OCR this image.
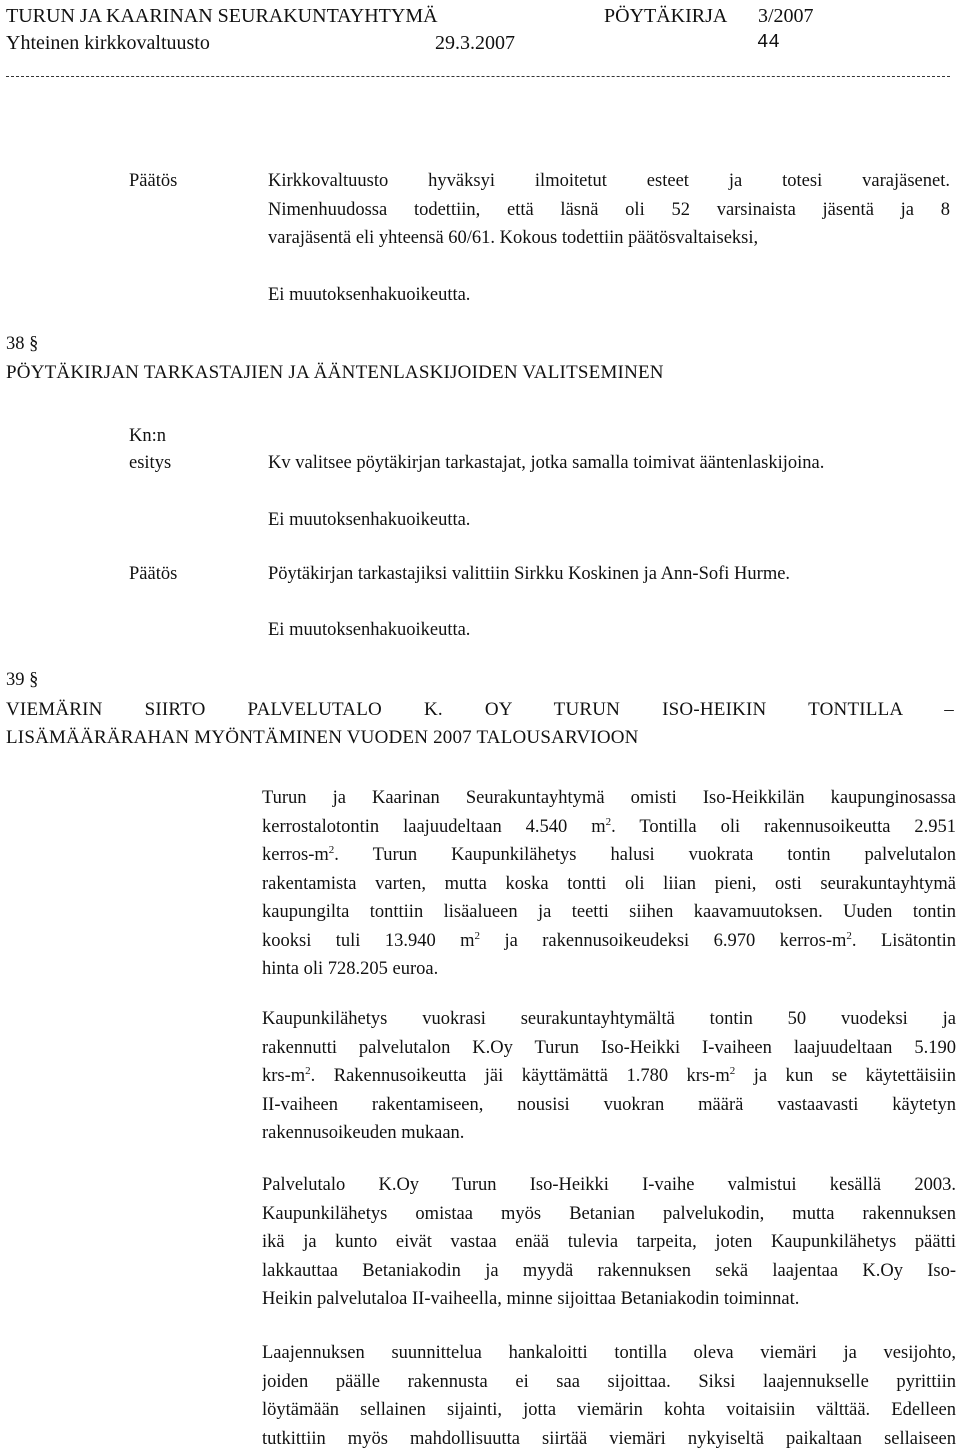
TURUN JA KAARINAN SEURAKUNTAYHTYMÄ	PÖYTÄKIRJA 3/2007
Yhteinen kirkkovaltuusto	29.3.2007	44
Päätös	Kirkkovaltuusto hyväksyi ilmoitetut esteet ja totesi varajäsenet.
Nimenhuudossa todettiin, että läsnä oli 52 varsinaista jäsentä ja 8
varajäsentä eli yhteensä 60/61. Kokous todettiin päätösvaltaiseksi,
Ei muutoksenhakuoikeutta.
38 §
PÖYTÄKIRJAN TARKASTAJIEN JA ÄÄNTENLASKIJOIDEN VALITSEMINEN
Kn:n
esitys	Kv valitsee pöytäkirjan tarkastajat, jotka samalla toimivat ääntenlaskijoina.
Ei muutoksenhakuoikeutta.
Päätös	Pöytäkirjan tarkastajiksi valittiin Sirkku Koskinen ja Ann-Sofi Hurme.
Ei muutoksenhakuoikeutta.
39 §
VIEMÄRIN SIIRTO PALVELUTALO K. OY TURUN ISO-HEIKIN TONTILLA –
LISÄMÄÄRÄRAHAN MYÖNTÄMINEN VUODEN 2007 TALOUSARVIOON
Turun ja Kaarinan Seurakuntayhtymä omisti Iso-Heikkilän kaupunginosassa
kerrostalotontin laajuudeltaan 4.540 $m^2$. Tontilla oli rakennusoikeutta 2.951
kerros-$m^2$. Turun Kaupunkilähetys halusi vuokrata tontin palvelutalon
rakentamista varten, mutta koska tontti oli liian pieni, osti seurakuntayhtymä
kaupungilta tonttiin lisäalueen ja teetti siihen kaavamuutoksen. Uuden tontin
kooksi tuli 13.940 $m^2$ ja rakennusoikeudeksi 6.970 kerros-$m^2$. Lisätontin
hinta oli 728.205 euroa.
Kaupunkilähetys vuokrasi seurakuntayhtymältä tontin 50 vuodeksi ja
rakennutti palvelutalon K.Oy Turun Iso-Heikki I-vaiheen laajuudeltaan 5.190
krs-$m^2$. Rakennusoikeutta jäi käyttämättä 1.780 krs-$m^2$ ja kun se käytettäisiin
II-vaiheen rakentamiseen, nousisi vuokran määrä vastaavasti käytetyn
rakennusoikeuden mukaan.
Palvelutalo K.Oy Turun Iso-Heikki I-vaihe valmistui kesällä 2003.
Kaupunkilähetys omistaa myös Betanian palvelukodin, mutta rakennuksen
ikä ja kunto eivät vastaa enää tulevia tarpeita, joten Kaupunkilähetys päätti
lakkauttaa Betaniakodin ja myydä rakennuksen sekä laajentaa K.Oy Iso-
Heikin palvelutaloa II-vaiheella, minne sijoittaa Betaniakodin toiminnat.
Laajennuksen suunnittelua hankaloitti tontilla oleva viemäri ja vesijohto,
joiden päälle rakennusta ei saa sijoittaa. Siksi laajennukselle pyrittiin
löytämään sellainen sijainti, jotta viemärin kohta voitaisiin välttää. Edelleen
tutkittiin myös mahdollisuutta siirtää viemäri nykyiseltä paikaltaan sellaiseen
